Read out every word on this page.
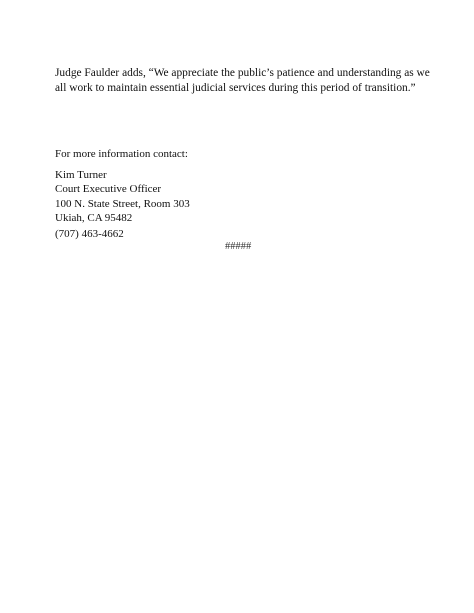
Judge Faulder adds, “We appreciate the public’s patience and understanding as we
all work to maintain essential judicial services during this period of transition.”
For more information contact:
Kim Turner
Court Executive Officer
100 N. State Street, Room 303
Ukiah, CA 95482
(707) 463-4662
#####
